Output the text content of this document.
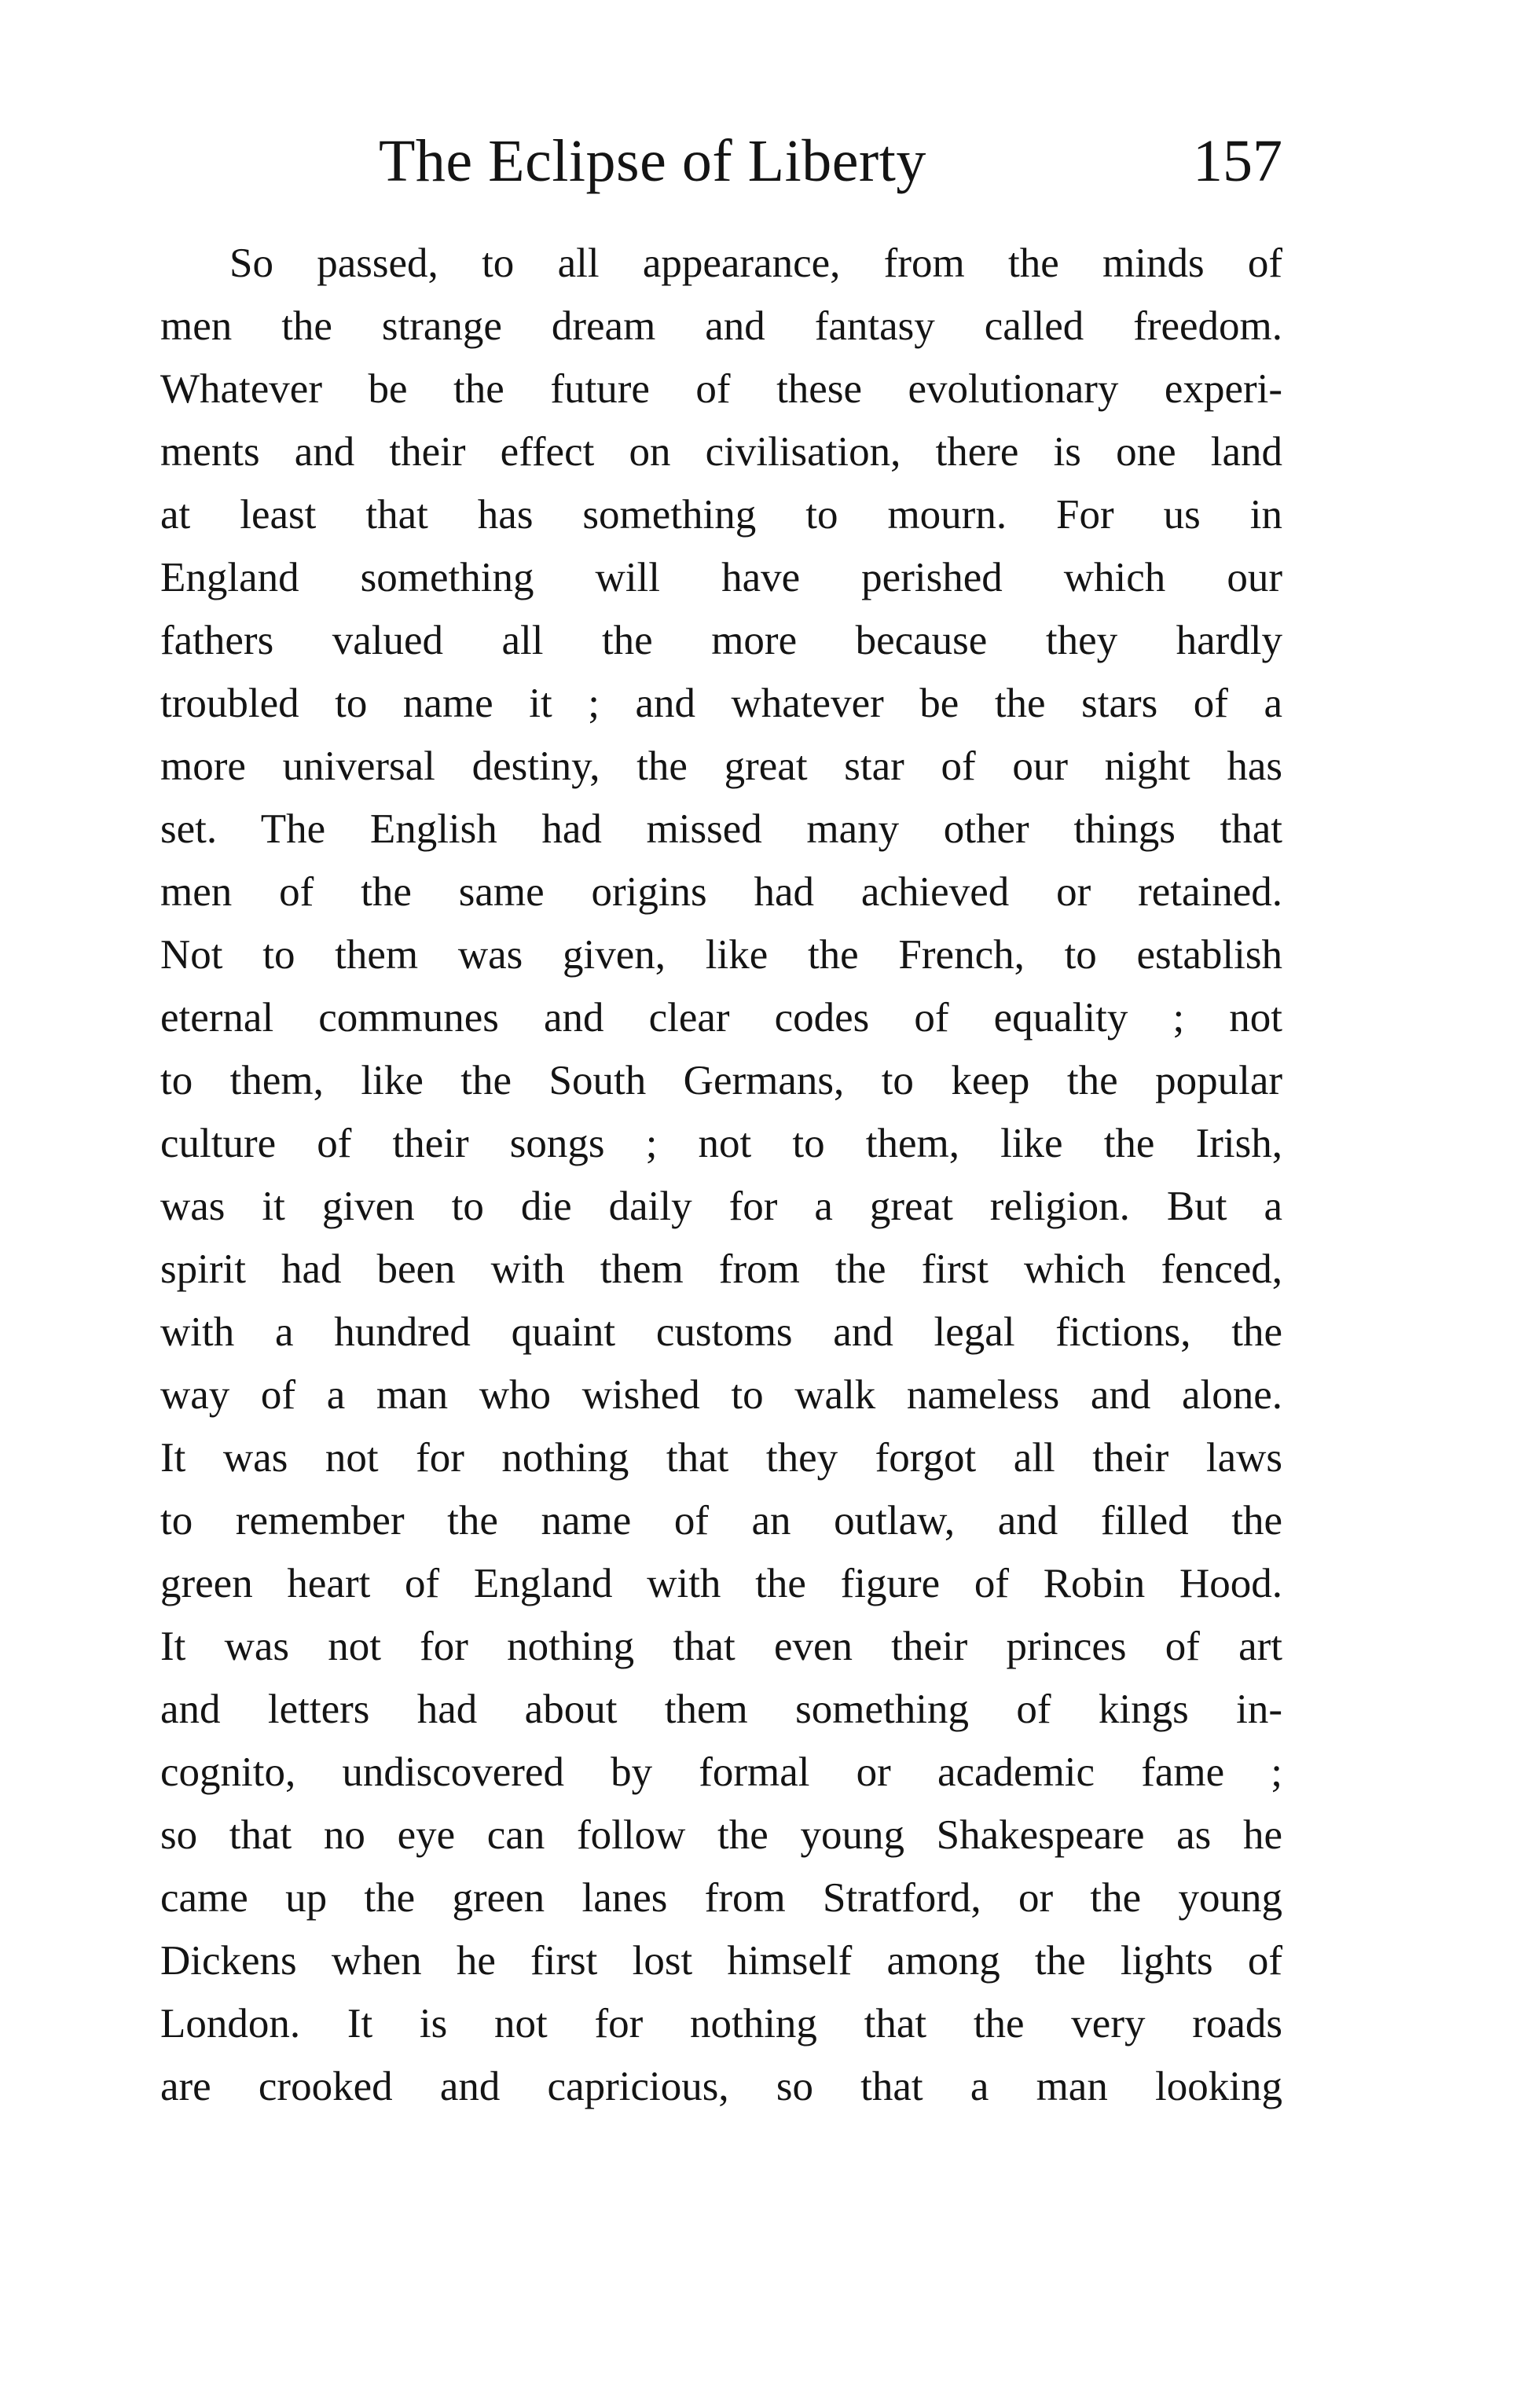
The Eclipse of Liberty	157
So passed, to all appearance, from the minds of
men the strange dream and fantasy called freedom.
Whatever be the future of these evolutionary experi-
ments and their effect on civilisation, there is one land
at least that has something to mourn. For us in
England something will have perished which our
fathers valued all the more because they hardly
troubled to name it ; and whatever be the stars of a
more universal destiny, the great star of our night has
set. The English had missed many other things that
men of the same origins had achieved or retained.
Not to them was given, like the French, to establish
eternal communes and clear codes of equality ; not
to them, like the South Germans, to keep the popular
culture of their songs ; not to them, like the Irish,
was it given to die daily for a great religion. But a
spirit had been with them from the first which fenced,
with a hundred quaint customs and legal fictions, the
way of a man who wished to walk nameless and alone.
It was not for nothing that they forgot all their laws
to remember the name of an outlaw, and filled the
green heart of England with the figure of Robin Hood.
It was not for nothing that even their princes of art
and letters had about them something of kings in-
cognito, undiscovered by formal or academic fame ;
so that no eye can follow the young Shakespeare as he
came up the green lanes from Stratford, or the young
Dickens when he first lost himself among the lights of
London. It is not for nothing that the very roads
are crooked and capricious, so that a man looking
